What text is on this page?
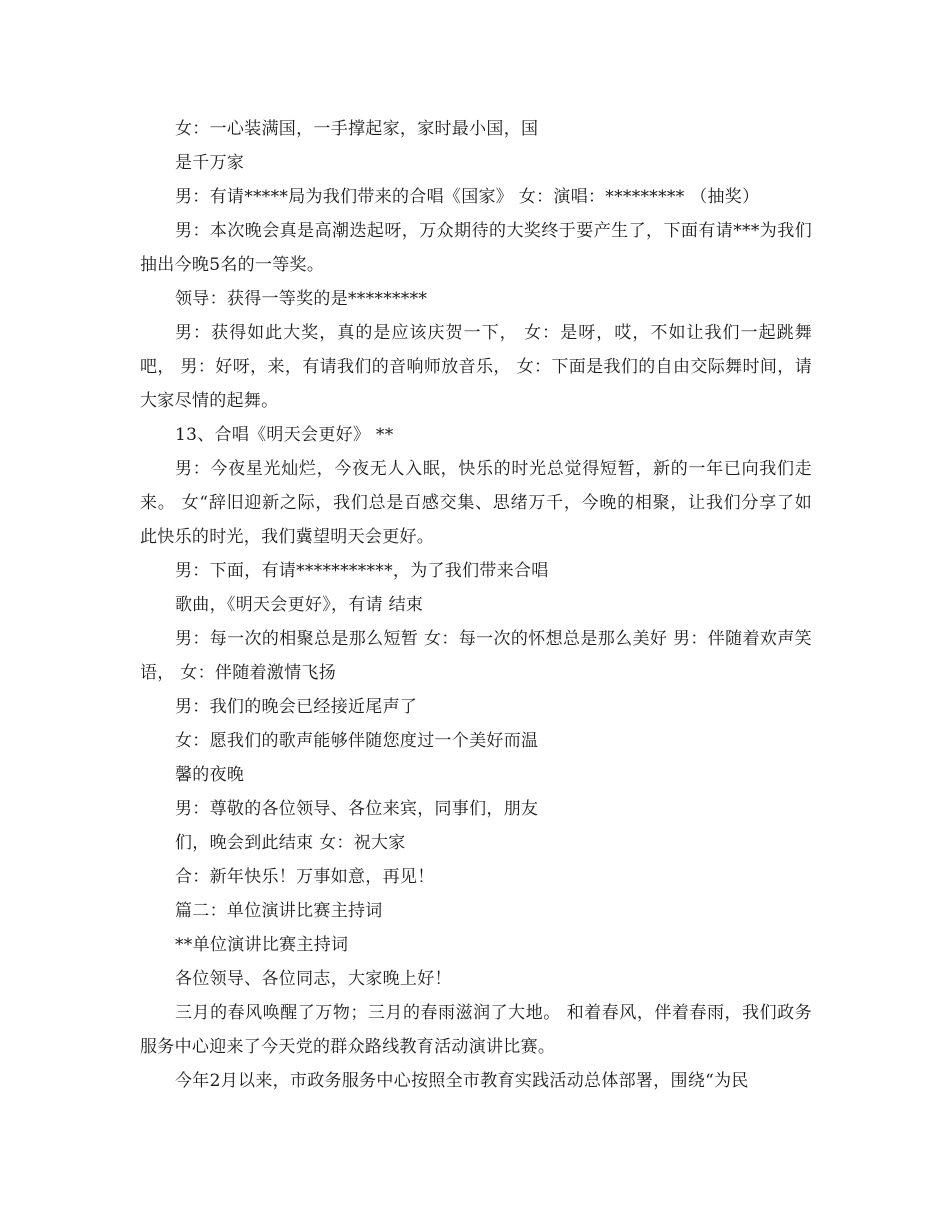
女：一心装满国，一手撑起家，家时最小国，国

是千万家

男：有请*****局为我们带来的合唱《国家》 女：演唱：********* （抽奖）

男：本次晚会真是高潮迭起呀，万众期待的大奖终于要产生了，下面有请***为我们抽出今晚5名的一等奖。

领导：获得一等奖的是*********

男：获得如此大奖，真的是应该庆贺一下， 女：是呀，哎，不如让我们一起跳舞吧， 男：好呀，来，有请我们的音响师放音乐， 女：下面是我们的自由交际舞时间，请大家尽情的起舞。

13、合唱《明天会更好》 **

男：今夜星光灿烂，今夜无人入眠，快乐的时光总觉得短暂，新的一年已向我们走来。 女“辞旧迎新之际，我们总是百感交集、思绪万千，今晚的相聚，让我们分享了如此快乐的时光，我们冀望明天会更好。

男：下面，有请***********，为了我们带来合唱

歌曲，《明天会更好》，有请 结束

男：每一次的相聚总是那么短暂 女：每一次的怀想总是那么美好 男：伴随着欢声笑语， 女：伴随着激情飞扬

男：我们的晚会已经接近尾声了

女：愿我们的歌声能够伴随您度过一个美好而温

馨的夜晚

男：尊敬的各位领导、各位来宾，同事们，朋友

们，晚会到此结束 女：祝大家

合：新年快乐！万事如意，再见！

篇二：单位演讲比赛主持词

**单位演讲比赛主持词

各位领导、各位同志，大家晚上好！

三月的春风唤醒了万物；三月的春雨滋润了大地。 和着春风，伴着春雨，我们政务服务中心迎来了今天党的群众路线教育活动演讲比赛。

今年2月以来，市政务服务中心按照全市教育实践活动总体部署，围绕“为民
